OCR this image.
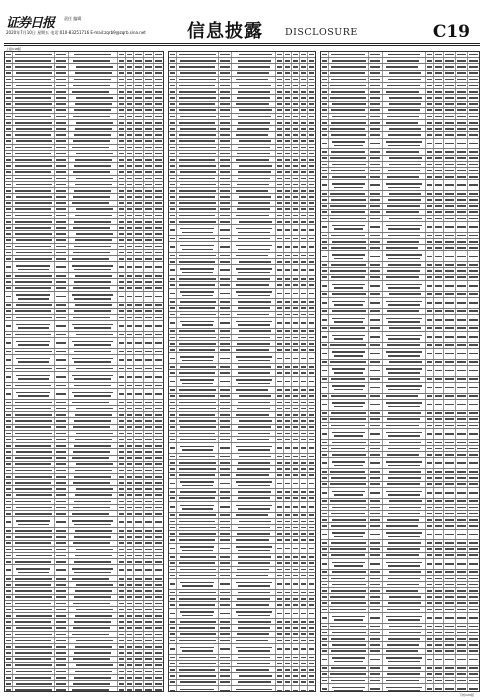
证券日报 责任 编辑
2020年7月10日 星期五 电话:010-83251716 E-mail:zqrb9@zqrb.sina.net 信息披露 DISCLOSURE	C19
上接C18版
下转C20版
